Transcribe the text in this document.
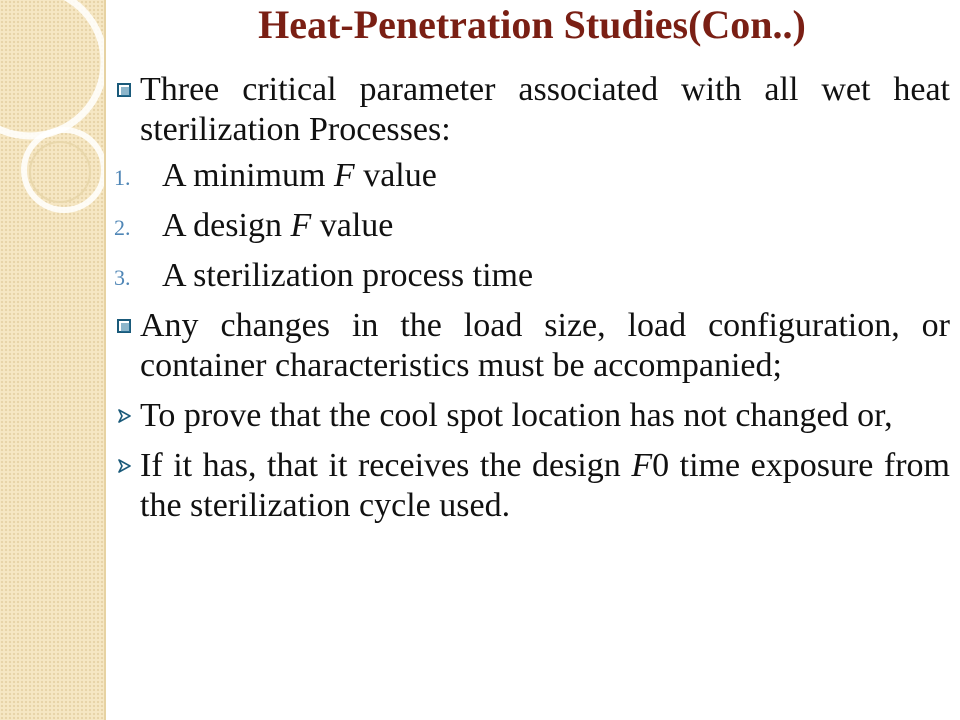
Heat-Penetration Studies(Con..)
Three critical parameter associated with all wet heat sterilization Processes:
1. A minimum F value
2. A design F value
3. A sterilization process time
Any changes in the load size, load configuration, or container characteristics must be accompanied;
To prove that the cool spot location has not changed or,
If it has, that it receives the design F0 time exposure from the sterilization cycle used.
